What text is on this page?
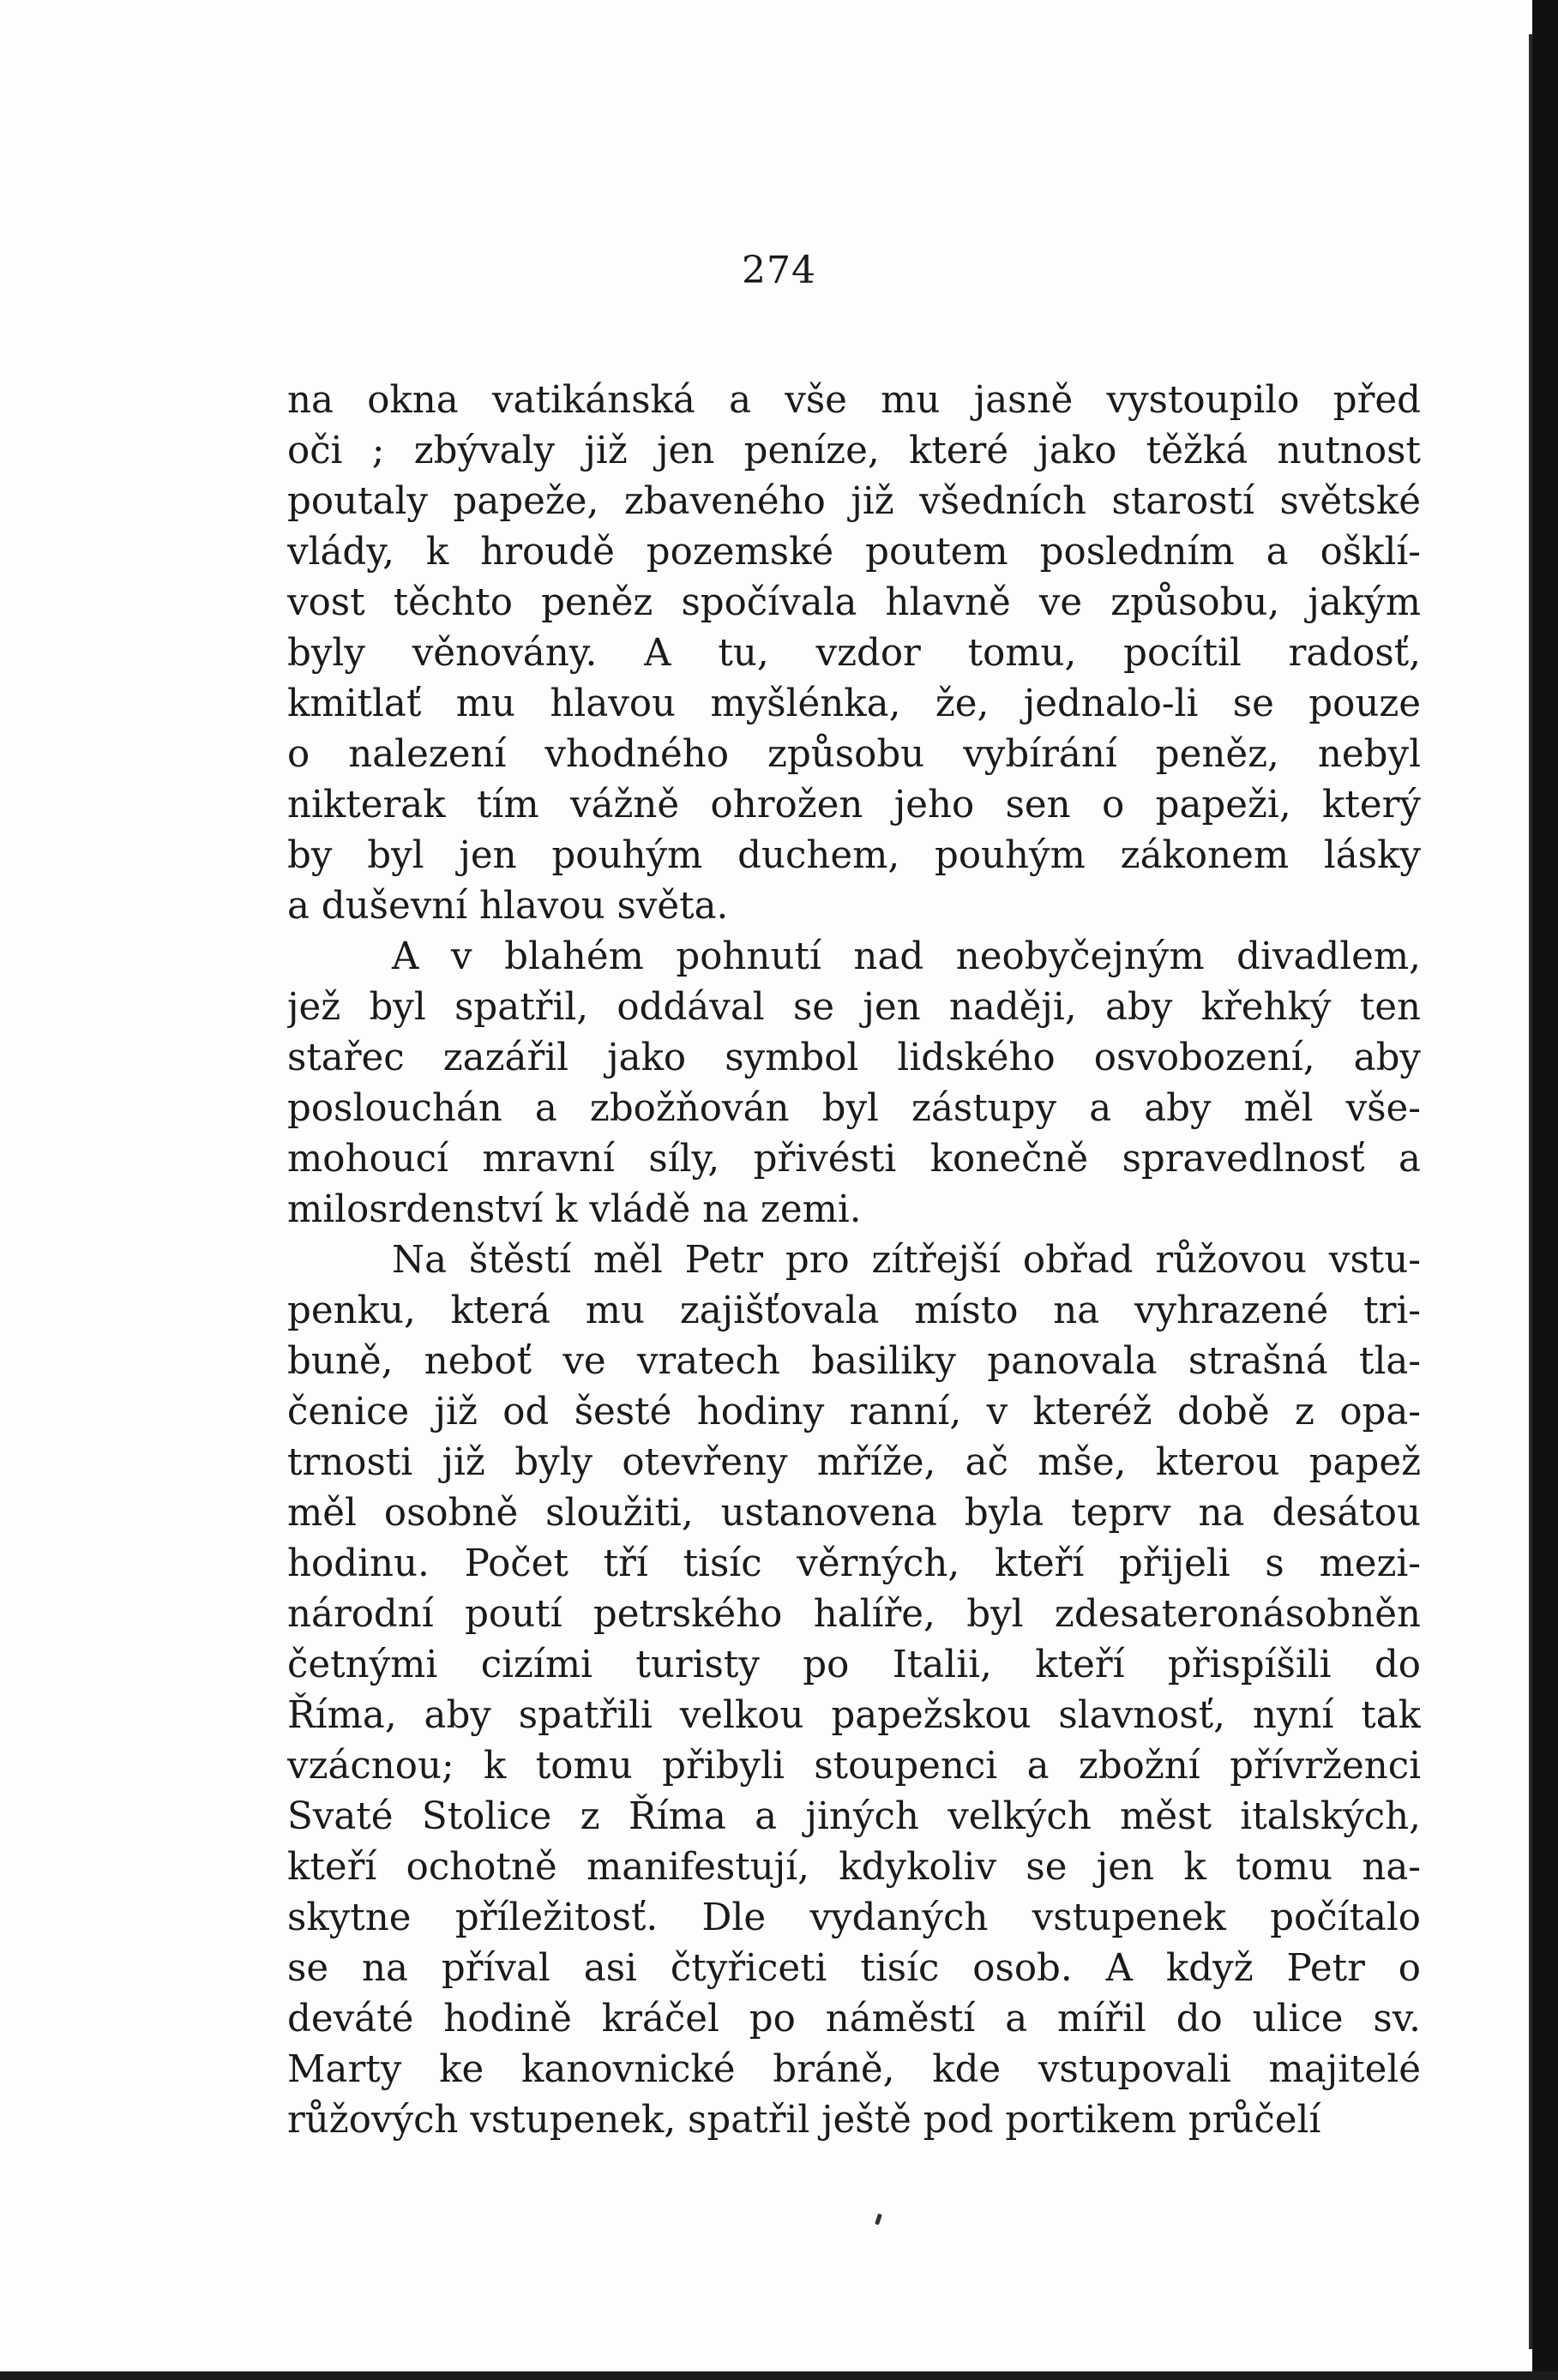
274
na okna vatikánská a vše mu jasně vystoupilo před
oči ; zbývaly již jen peníze, které jako těžká nutnost
poutaly papeže, zbaveného již všedních starostí světské
vlády, k hroudě pozemské poutem posledním a ošklí-
vost těchto peněz spočívala hlavně ve způsobu, jakým
byly věnovány. A tu, vzdor tomu, pocítil radosť,
kmitlať mu hlavou myšlénka, že, jednalo-li se pouze
o nalezení vhodného způsobu vybírání peněz, nebyl
nikterak tím vážně ohrožen jeho sen o papeži, který
by byl jen pouhým duchem, pouhým zákonem lásky
a duševní hlavou světa.
A v blahém pohnutí nad neobyčejným divadlem,
jež byl spatřil, oddával se jen naději, aby křehký ten
stařec zazářil jako symbol lidského osvobození, aby
poslouchán a zbožňován byl zástupy a aby měl vše-
mohoucí mravní síly, přivésti konečně spravedlnosť a
milosrdenství k vládě na zemi.
Na štěstí měl Petr pro zítřejší obřad růžovou vstu-
penku, která mu zajišťovala místo na vyhrazené tri-
buně, neboť ve vratech basiliky panovala strašná tla-
čenice již od šesté hodiny ranní, v kteréž době z opa-
trnosti již byly otevřeny mříže, ač mše, kterou papež
měl osobně sloužiti, ustanovena byla teprv na desátou
hodinu. Počet tří tisíc věrných, kteří přijeli s mezi-
národní poutí petrského halíře, byl zdesateronásobněn
četnými cizími turisty po Italii, kteří přispíšili do
Říma, aby spatřili velkou papežskou slavnosť, nyní tak
vzácnou; k tomu přibyli stoupenci a zbožní přívrženci
Svaté Stolice z Říma a jiných velkých měst italských,
kteří ochotně manifestují, kdykoliv se jen k tomu na-
skytne příležitosť. Dle vydaných vstupenek počítalo
se na příval asi čtyřiceti tisíc osob. A když Petr o
deváté hodině kráčel po náměstí a mířil do ulice sv.
Marty ke kanovnické bráně, kde vstupovali majitelé
růžových vstupenek, spatřil ještě pod portikem průčelí
